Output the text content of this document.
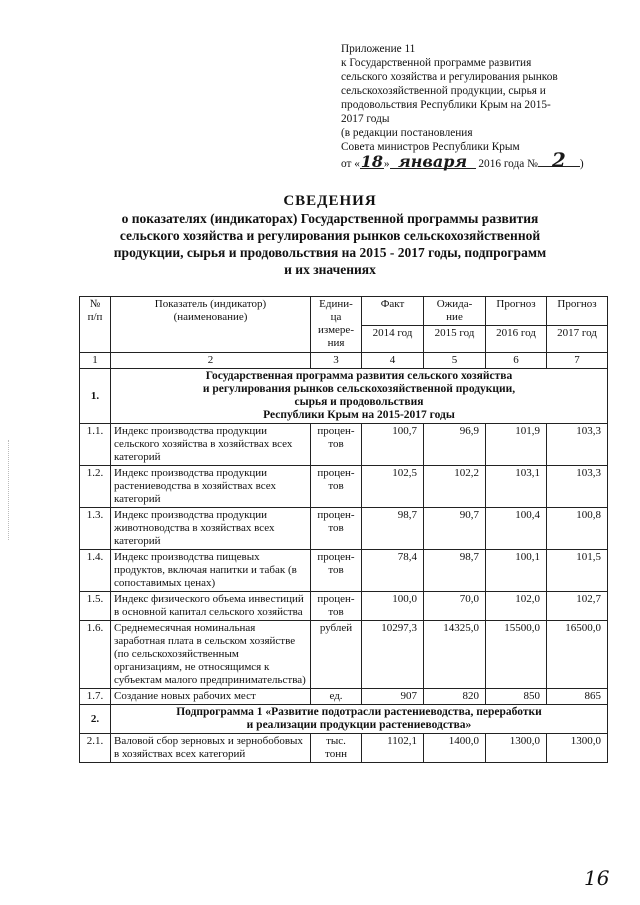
Приложение 11
к Государственной программе развития
сельского хозяйства и регулирования рынков
сельскохозяйственной продукции, сырья и
продовольствия Республики Крым на 2015-
2017 годы
(в редакции постановления
Совета министров Республики Крым
от «18» января 2016 года № 2 )
СВЕДЕНИЯ
о показателях (индикаторах) Государственной программы развития
сельского хозяйства и регулирования рынков сельскохозяйственной
продукции, сырья и продовольствия на 2015 - 2017 годы, подпрограмм
и их значениях
№
п/п	Показатель (индикатор)
(наименование)	Едини-
ца
измере-
ния	Факт	Ожида-
ние	Прогноз	Прогноз
			2014 год	2015 год	2016 год	2017 год
1	2	3	4	5	6	7
1.	Государственная программа развития сельского хозяйства
и регулирования рынков сельскохозяйственной продукции,
сырья и продовольствия
Республики Крым на 2015-2017 годы					
1.1.	Индекс производства продукции сельского хозяйства в хозяйствах всех категорий	процен-
тов	100,7	96,9	101,9	103,3
1.2.	Индекс производства продукции растениеводства в хозяйствах всех категорий	процен-
тов	102,5	102,2	103,1	103,3
1.3.	Индекс производства продукции животноводства в хозяйствах всех категорий	процен-
тов	98,7	90,7	100,4	100,8
1.4.	Индекс производства пищевых продуктов, включая напитки и табак (в сопоставимых ценах)	процен-
тов	78,4	98,7	100,1	101,5
1.5.	Индекс физического объема инвестиций в основной капитал сельского хозяйства	процен-
тов	100,0	70,0	102,0	102,7
1.6.	Среднемесячная номинальная заработная плата в сельском хозяйстве (по сельскохозяйственным организациям, не относящимся к субъектам малого предпринимательства)	рублей	10297,3	14325,0	15500,0	16500,0
1.7.	Создание новых рабочих мест	ед.	907	820	850	865
2.	Подпрограмма 1 «Развитие подотрасли растениеводства, переработки
и реализации продукции растениеводства»					
2.1.	Валовой сбор зерновых и зернобобовых в хозяйствах всех категорий	тыс.
тонн	1102,1	1400,0	1300,0	1300,0
16
